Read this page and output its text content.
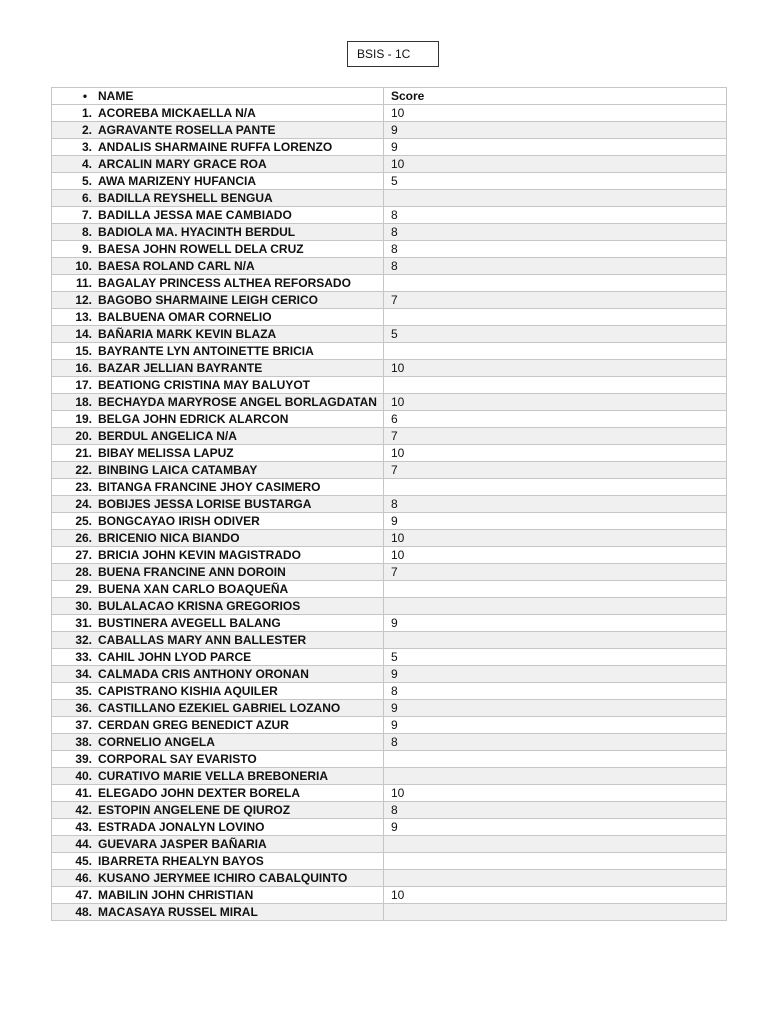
BSIS - 1C
• NAME	Score
1. ACOREBA MICKAELLA N/A	10
2. AGRAVANTE ROSELLA PANTE	9
3. ANDALIS SHARMAINE RUFFA LORENZO	9
4. ARCALIN MARY GRACE ROA	10
5. AWA MARIZENY HUFANCIA	5
6. BADILLA REYSHELL BENGUA	
7. BADILLA JESSA MAE CAMBIADO	8
8. BADIOLA MA. HYACINTH BERDUL	8
9. BAESA JOHN ROWELL DELA CRUZ	8
10. BAESA ROLAND CARL N/A	8
11. BAGALAY PRINCESS ALTHEA REFORSADO	
12. BAGOBO SHARMAINE LEIGH CERICO	7
13. BALBUENA OMAR CORNELIO	
14. BAÑARIA MARK KEVIN BLAZA	5
15. BAYRANTE LYN ANTOINETTE BRICIA	
16. BAZAR JELLIAN BAYRANTE	10
17. BEATIONG CRISTINA MAY BALUYOT	
18. BECHAYDA MARYROSE ANGEL BORLAGDATAN	10
19. BELGA JOHN EDRICK ALARCON	6
20. BERDUL ANGELICA N/A	7
21. BIBAY MELISSA LAPUZ	10
22. BINBING LAICA CATAMBAY	7
23. BITANGA FRANCINE JHOY CASIMERO	
24. BOBIJES JESSA LORISE BUSTARGA	8
25. BONGCAYAO IRISH ODIVER	9
26. BRICENIO NICA BIANDO	10
27. BRICIA JOHN KEVIN MAGISTRADO	10
28. BUENA FRANCINE ANN DOROIN	7
29. BUENA XAN CARLO BOAQUEÑA	
30. BULALACAO KRISNA GREGORIOS	
31. BUSTINERA AVEGELL BALANG	9
32. CABALLAS MARY ANN BALLESTER	
33. CAHIL JOHN LYOD PARCE	5
34. CALMADA CRIS ANTHONY ORONAN	9
35. CAPISTRANO KISHIA AQUILER	8
36. CASTILLANO EZEKIEL GABRIEL LOZANO	9
37. CERDAN GREG BENEDICT AZUR	9
38. CORNELIO ANGELA	8
39. CORPORAL SAY EVARISTO	
40. CURATIVO MARIE VELLA BREBONERIA	
41. ELEGADO JOHN DEXTER BORELA	10
42. ESTOPIN ANGELENE DE QIUROZ	8
43. ESTRADA JONALYN LOVINO	9
44. GUEVARA JASPER BAÑARIA	
45. IBARRETA RHEALYN BAYOS	
46. KUSANO JERYMEE ICHIRO CABALQUINTO	
47. MABILIN JOHN CHRISTIAN	10
48. MACASAYA RUSSEL MIRAL	
